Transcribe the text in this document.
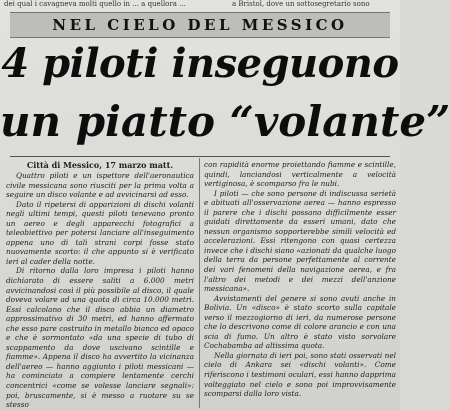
dei qual i cavagneva molti quello in ... a quellora ...	a Bristol, dove un sottosegretario sono
NEL CIELO DEL MESSICO
4 piloti inseguono
un piatto “volante”

Città di Messico, 17 marzo matt.

Quattro piloti e un ispettore dell'aeronautica civile messicana sono riusciti per la prima volta a seguire un disco volante e ad avvicinarsi ad esso.

Dato il ripetersi di apparizioni di dischi volanti negli ultimi tempi, questi piloti tenevano pronto un aereo e degli apparecchi fotografici a teleobiettivo per potersi lanciare all'inseguimento appena uno di tali strani corpi fosse stato nuovamente scorto: il che appunto si è verificato ieri al cader della notte.

Di ritorno dalla loro impresa i piloti hanno dichiarato di essere saliti a 6.000 metri avvicinandosi così il più possibile al disco, il quale doveva volare ad una quota di circa 10.000 metri. Essi calcolano che il disco abbia un diametro approssimativo di 30 metri, ed hanno affermato che esso pare costruito in metallo bianco ed opaco e che è sormontato «da una specie di tubo di scappamento da dove uscivano scintille e fiamme». Appena il disco ha avvertito la vicinanza dell'aereo — hanno aggiunto i piloti messicani — ha cominciato a compiere lentamente cerchi concentrici «come se volesse lanciare segnali»: poi, bruscamente, si è messo a ruotare su se stesso

con rapidità enorme proiettando fiamme e scintille, quindi, lanciandosi verticalmente a velocità vertiginosa, è scomparso fra le nubi.

I piloti — che sono persone di indiscussa serietà e abituati all'osservazione aerea — hanno espresso il parere che i dischi possano difficilmente esser guidati direttamente da esseri umani, dato che nessun organismo sopporterebbe simili velocità ed accelerazioni. Essi ritengono con quasi certezza invece che i dischi siano «azionati da qualche luogo della terra da persone perfettamente al corrente dei vari fenomeni della navigazione aerea, e fra l'altro dei metodi e dei mezzi dell'anzione messicana».

Avvistamenti del genere si sono avuti anche in Bolivia. Un «disco» è stato scorto sulla capitale verso il mezzogiorno di ieri, da numerose persone che lo descrivono come di colore arancio e con una scia di fumo. Un altro è stato visto sorvolare Cochabamba ad altissima quota.

Nella giornata di ieri poi, sono stati osservati nel cielo di Ankara sei «dischi volanti». Come riferiscono i testimoni oculari, essi hanno dapprima volteggiato nel cielo e sono poi improvvisamente scomparsi dalla loro vista.
